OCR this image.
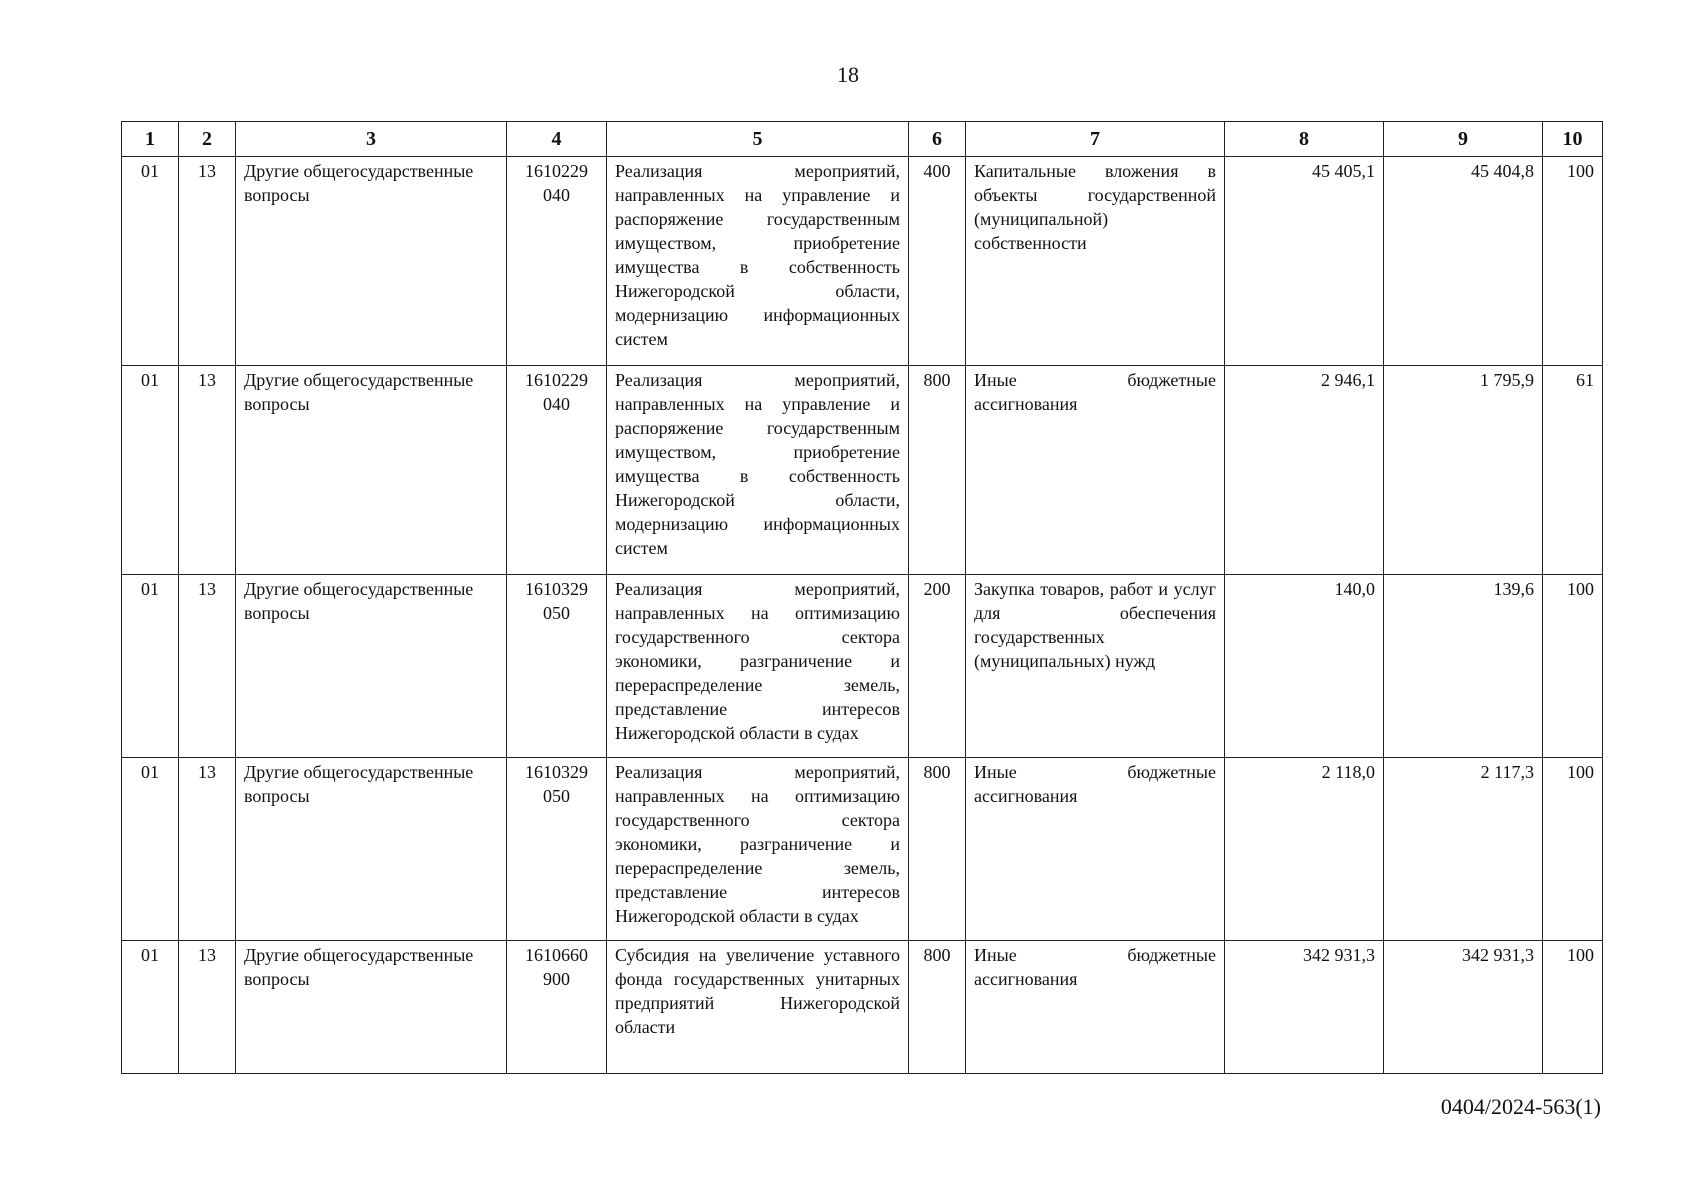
18
1	2	3	4	5	6	7	8	9	10
01	13	Другие общегосударственные вопросы	1610229 040	Реализация мероприятий, направленных на управление и распоряжение государственным имуществом, приобретение имущества в собственность Нижегородской области, модернизацию информационных систем	400	Капитальные вложения в объекты государственной (муниципальной) собственности	45 405,1	45 404,8	100
01	13	Другие общегосударственные вопросы	1610229 040	Реализация мероприятий, направленных на управление и распоряжение государственным имуществом, приобретение имущества в собственность Нижегородской области, модернизацию информационных систем	800	Иные бюджетные ассигнования	2 946,1	1 795,9	61
01	13	Другие общегосударственные вопросы	1610329 050	Реализация мероприятий, направленных на оптимизацию государственного сектора экономики, разграничение и перераспределение земель, представление интересов Нижегородской области в судах	200	Закупка товаров, работ и услуг для обеспечения государственных (муниципальных) нужд	140,0	139,6	100
01	13	Другие общегосударственные вопросы	1610329 050	Реализация мероприятий, направленных на оптимизацию государственного сектора экономики, разграничение и перераспределение земель, представление интересов Нижегородской области в судах	800	Иные бюджетные ассигнования	2 118,0	2 117,3	100
01	13	Другие общегосударственные вопросы	1610660 900	Субсидия на увеличение уставного фонда государственных унитарных предприятий Нижегородской области	800	Иные бюджетные ассигнования	342 931,3	342 931,3	100
0404/2024-563(1)
